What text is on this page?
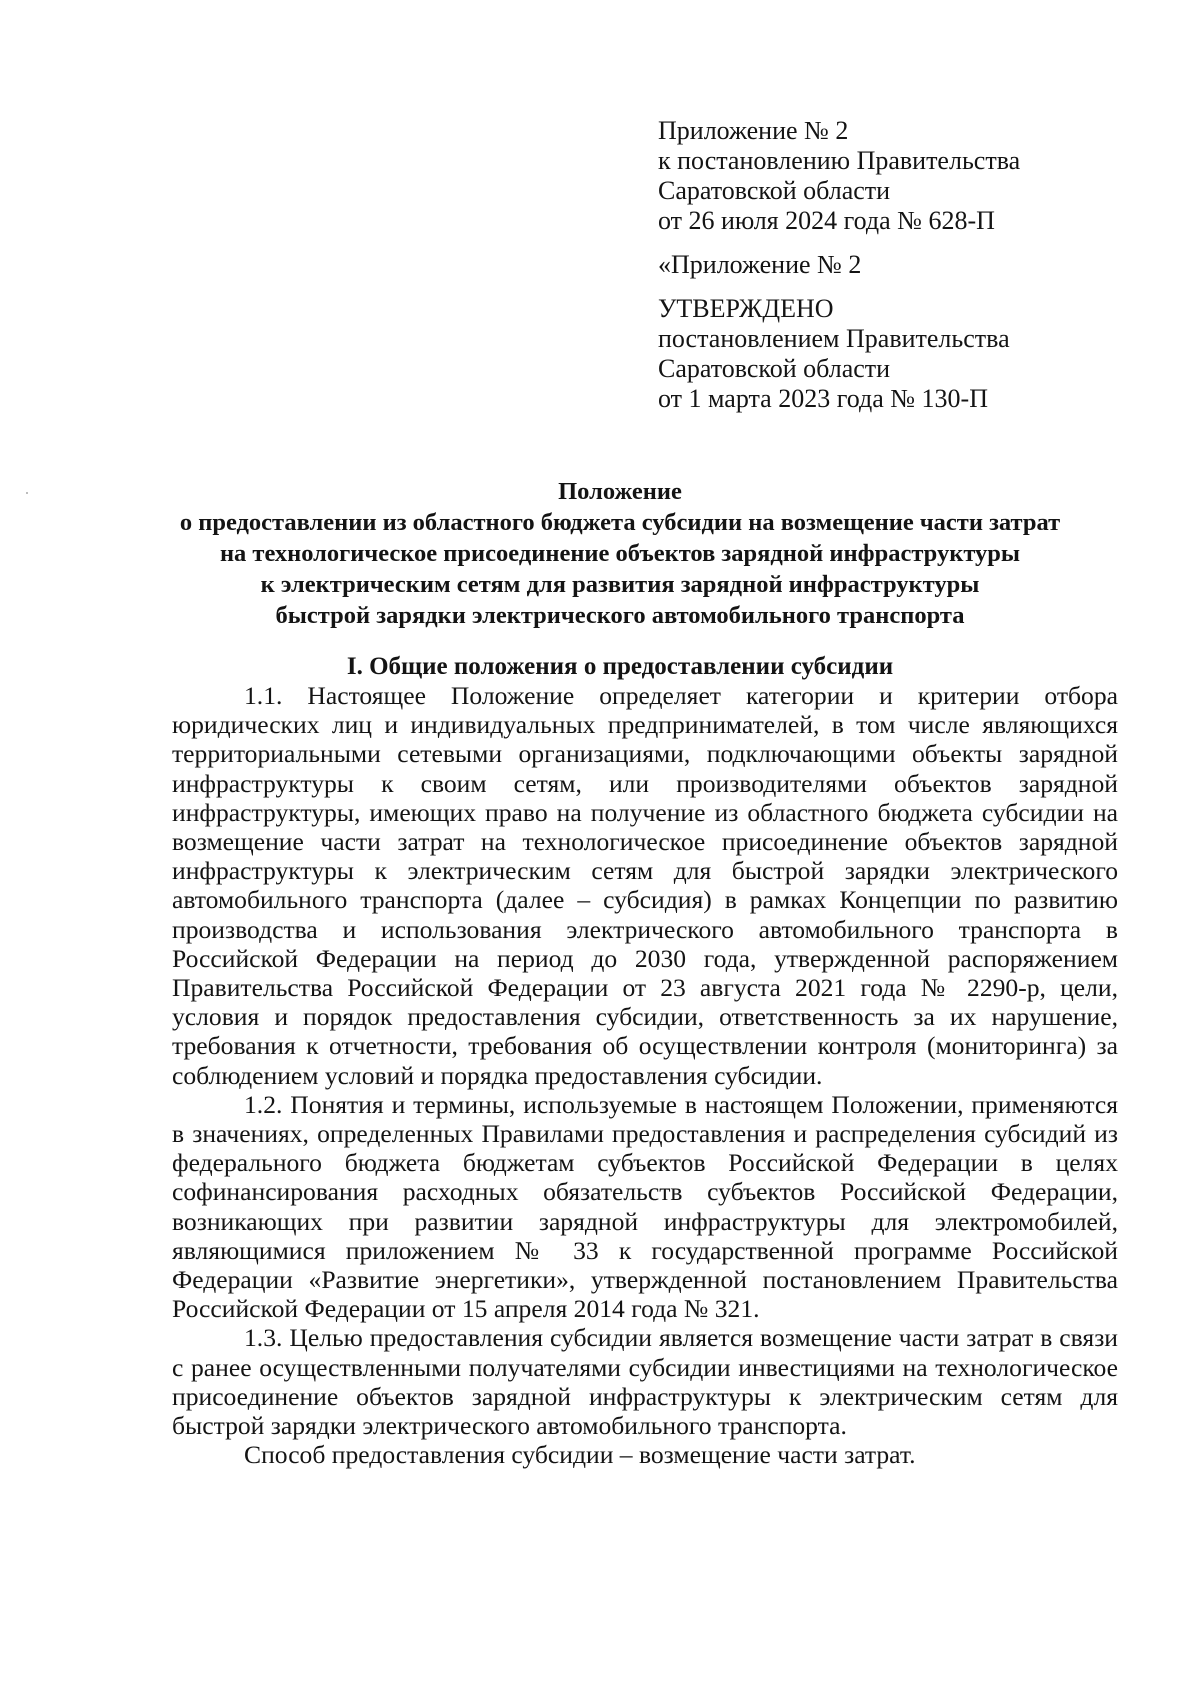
Приложение № 2
к постановлению Правительства
Саратовской области
от 26 июля 2024 года № 628-П
«Приложение № 2
УТВЕРЖДЕНО
постановлением Правительства
Саратовской области
от 1 марта 2023 года № 130-П
Положение
о предоставлении из областного бюджета субсидии на возмещение части затрат
на технологическое присоединение объектов зарядной инфраструктуры
к электрическим сетям для развития зарядной инфраструктуры
быстрой зарядки электрического автомобильного транспорта
I. Общие положения о предоставлении субсидии

1.1. Настоящее Положение определяет категории и критерии отбора юридических лиц и индивидуальных предпринимателей, в том числе являющихся территориальными сетевыми организациями, подключающими объекты зарядной инфраструктуры к своим сетям, или производителями объектов зарядной инфраструктуры, имеющих право на получение из областного бюджета субсидии на возмещение части затрат на технологическое присоединение объектов зарядной инфраструктуры к электрическим сетям для быстрой зарядки электрического автомобильного транспорта (далее – субсидия) в рамках Концепции по развитию производства и использования электрического автомобильного транспорта в Российской Федерации на период до 2030 года, утвержденной распоряжением Правительства Российской Федерации от 23 августа 2021 года № 2290-р, цели, условия и порядок предоставления субсидии, ответственность за их нарушение, требования к отчетности, требования об осуществлении контроля (мониторинга) за соблюдением условий и порядка предоставления субсидии.

1.2. Понятия и термины, используемые в настоящем Положении, применяются в значениях, определенных Правилами предоставления и распределения субсидий из федерального бюджета бюджетам субъектов Российской Федерации в целях софинансирования расходных обязательств субъектов Российской Федерации, возникающих при развитии зарядной инфраструктуры для электромобилей, являющимися приложением № 33 к государственной программе Российской Федерации «Развитие энергетики», утвержденной постановлением Правительства Российской Федерации от 15 апреля 2014 года № 321.

1.3. Целью предоставления субсидии является возмещение части затрат в связи с ранее осуществленными получателями субсидии инвестициями на технологическое присоединение объектов зарядной инфраструктуры к электрическим сетям для быстрой зарядки электрического автомобильного транспорта.

Способ предоставления субсидии – возмещение части затрат.
